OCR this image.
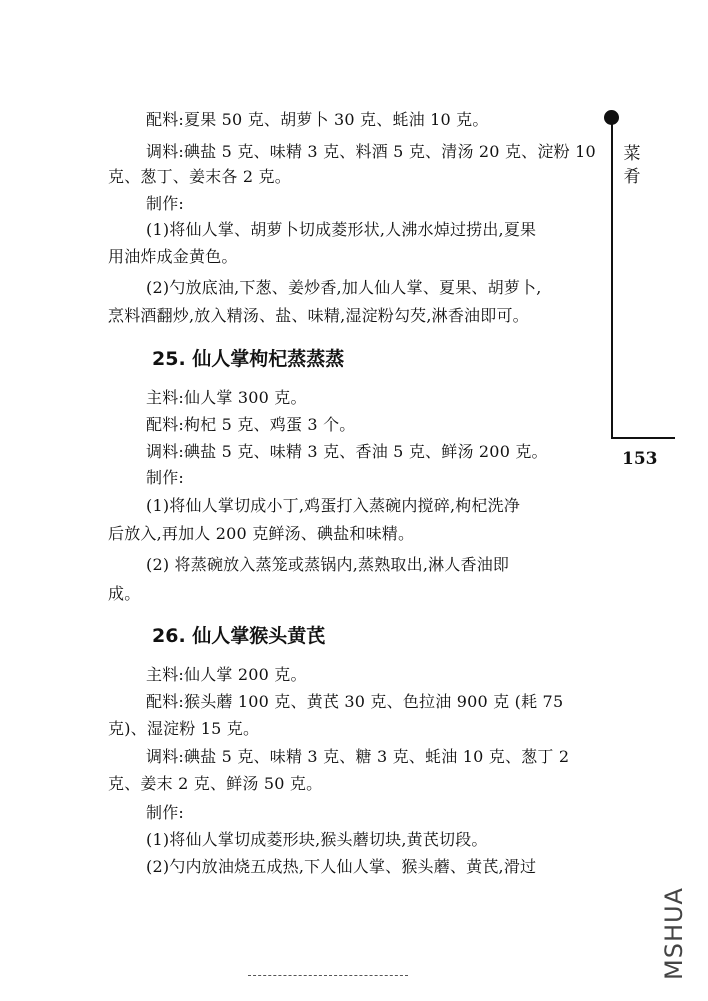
配料:夏果 50 克、胡萝卜 30 克、蚝油 10 克。
调料:碘盐 5 克、味精 3 克、料酒 5 克、清汤 20 克、淀粉 10
克、葱丁、姜末各 2 克。
制作:
(1)将仙人掌、胡萝卜切成菱形状,人沸水焯过捞出,夏果
用油炸成金黄色。
(2)勺放底油,下葱、姜炒香,加人仙人掌、夏果、胡萝卜,
烹料酒翻炒,放入精汤、盐、味精,湿淀粉勾芡,淋香油即可。
25. 仙人掌枸杞蒸蒸蒸
主料:仙人掌 300 克。
配料:枸杞 5 克、鸡蛋 3 个。
调料:碘盐 5 克、味精 3 克、香油 5 克、鲜汤 200 克。
制作:
(1)将仙人掌切成小丁,鸡蛋打入蒸碗内搅碎,枸杞洗净
后放入,再加人 200 克鲜汤、碘盐和味精。
(2) 将蒸碗放入蒸笼或蒸锅内,蒸熟取出,淋人香油即
成。
26. 仙人掌猴头黄芪
主料:仙人掌 200 克。
配料:猴头蘑 100 克、黄芪 30 克、色拉油 900 克 (耗 75
克)、湿淀粉 15 克。
调料:碘盐 5 克、味精 3 克、糖 3 克、蚝油 10 克、葱丁 2
克、姜末 2 克、鲜汤 50 克。
制作:
(1)将仙人掌切成菱形块,猴头蘑切块,黄芪切段。
(2)勺内放油烧五成热,下人仙人掌、猴头蘑、黄芪,滑过
菜肴
153
MSHUA
